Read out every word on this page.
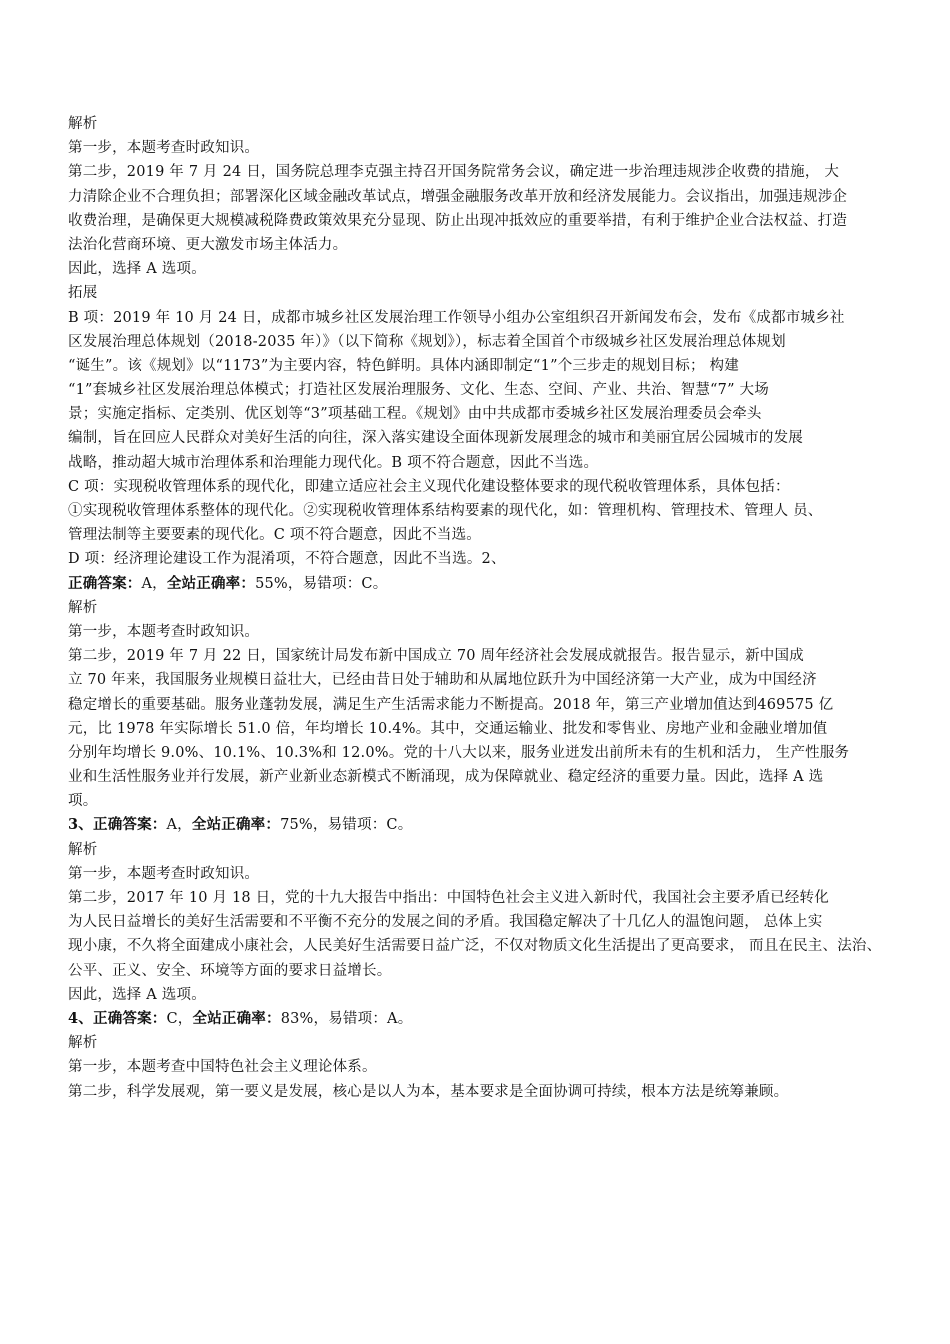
解析
第一步，本题考查时政知识。
第二步，2019 年 7 月 24 日，国务院总理李克强主持召开国务院常务会议，确定进一步治理违规涉企收费的措施， 大
力清除企业不合理负担；部署深化区域金融改革试点，增强金融服务改革开放和经济发展能力。会议指出，加强违规涉企
收费治理，是确保更大规模减税降费政策效果充分显现、防止出现冲抵效应的重要举措，有利于维护企业合法权益、打造
法治化营商环境、更大激发市场主体活力。
因此，选择 A 选项。
拓展
B 项：2019 年 10 月 24 日，成都市城乡社区发展治理工作领导小组办公室组织召开新闻发布会，发布《成都市城乡社
区发展治理总体规划（2018-2035 年）》（以下简称《规划》），标志着全国首个市级城乡社区发展治理总体规划
“诞生”。该《规划》以“1173”为主要内容，特色鲜明。具体内涵即制定“1”个三步走的规划目标； 构建
“1”套城乡社区发展治理总体模式；打造社区发展治理服务、文化、生态、空间、产业、共治、智慧“7” 大场
景；实施定指标、定类别、优区划等“3”项基础工程。《规划》由中共成都市委城乡社区发展治理委员会牵头
编制，旨在回应人民群众对美好生活的向往，深入落实建设全面体现新发展理念的城市和美丽宜居公园城市的发展
战略，推动超大城市治理体系和治理能力现代化。B 项不符合题意，因此不当选。
C 项：实现税收管理体系的现代化，即建立适应社会主义现代化建设整体要求的现代税收管理体系，具体包括：
①实现税收管理体系整体的现代化。②实现税收管理体系结构要素的现代化，如：管理机构、管理技术、管理人 员、
管理法制等主要要素的现代化。C 项不符合题意，因此不当选。
D 项：经济理论建设工作为混淆项，不符合题意，因此不当选。2、
正确答案：A，全站正确率：55%，易错项：C。
解析
第一步，本题考查时政知识。
第二步，2019 年 7 月 22 日，国家统计局发布新中国成立 70 周年经济社会发展成就报告。报告显示，新中国成
立 70 年来，我国服务业规模日益壮大，已经由昔日处于辅助和从属地位跃升为中国经济第一大产业，成为中国经济
稳定增长的重要基础。服务业蓬勃发展，满足生产生活需求能力不断提高。2018 年，第三产业增加值达到469575 亿
元，比 1978 年实际增长 51.0 倍，年均增长 10.4%。其中，交通运输业、批发和零售业、房地产业和金融业增加值
分别年均增长 9.0%、10.1%、10.3%和 12.0%。党的十八大以来，服务业迸发出前所未有的生机和活力， 生产性服务
业和生活性服务业并行发展，新产业新业态新模式不断涌现，成为保障就业、稳定经济的重要力量。因此，选择 A 选
项。
3、正确答案：A，全站正确率：75%，易错项：C。
解析
第一步，本题考查时政知识。
第二步，2017 年 10 月 18 日，党的十九大报告中指出：中国特色社会主义进入新时代，我国社会主要矛盾已经转化
为人民日益增长的美好生活需要和不平衡不充分的发展之间的矛盾。我国稳定解决了十几亿人的温饱问题， 总体上实
现小康，不久将全面建成小康社会，人民美好生活需要日益广泛，不仅对物质文化生活提出了更高要求， 而且在民主、法治、
公平、正义、安全、环境等方面的要求日益增长。
因此，选择 A 选项。
4、正确答案：C，全站正确率：83%，易错项：A。
解析
第一步，本题考查中国特色社会主义理论体系。
第二步，科学发展观，第一要义是发展，核心是以人为本，基本要求是全面协调可持续，根本方法是统筹兼顾。
